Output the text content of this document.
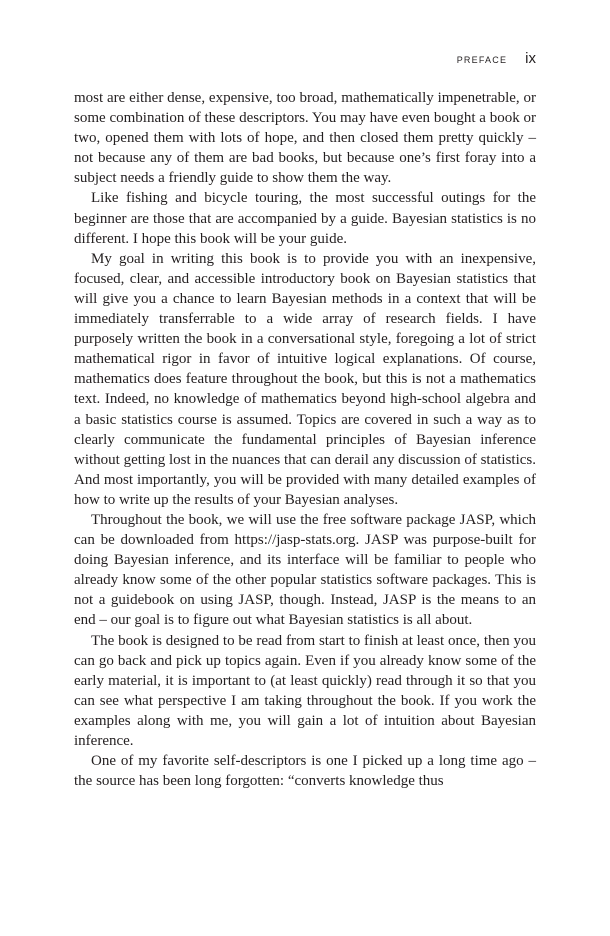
PREFACE ix

most are either dense, expensive, too broad, mathematically impenetrable, or some combination of these descriptors. You may have even bought a book or two, opened them with lots of hope, and then closed them pretty quickly – not because any of them are bad books, but because one’s first foray into a subject needs a friendly guide to show them the way.

Like fishing and bicycle touring, the most successful outings for the beginner are those that are accompanied by a guide. Bayesian statistics is no different. I hope this book will be your guide.

My goal in writing this book is to provide you with an inexpensive, focused, clear, and accessible introductory book on Bayesian statistics that will give you a chance to learn Bayesian methods in a context that will be immediately transferrable to a wide array of research fields. I have purposely written the book in a conversational style, foregoing a lot of strict mathematical rigor in favor of intuitive logical explanations. Of course, mathematics does feature throughout the book, but this is not a mathematics text. Indeed, no knowledge of mathematics beyond high-school algebra and a basic statistics course is assumed. Topics are covered in such a way as to clearly communicate the fundamental principles of Bayesian inference without getting lost in the nuances that can derail any discussion of statistics. And most importantly, you will be provided with many detailed examples of how to write up the results of your Bayesian analyses.

Throughout the book, we will use the free software package JASP, which can be downloaded from https://jasp-stats.org. JASP was purpose-built for doing Bayesian inference, and its interface will be familiar to people who already know some of the other popular statistics software packages. This is not a guidebook on using JASP, though. Instead, JASP is the means to an end – our goal is to figure out what Bayesian statistics is all about.

The book is designed to be read from start to finish at least once, then you can go back and pick up topics again. Even if you already know some of the early material, it is important to (at least quickly) read through it so that you can see what perspective I am taking throughout the book. If you work the examples along with me, you will gain a lot of intuition about Bayesian inference.

One of my favorite self-descriptors is one I picked up a long time ago – the source has been long forgotten: “converts knowledge thus
